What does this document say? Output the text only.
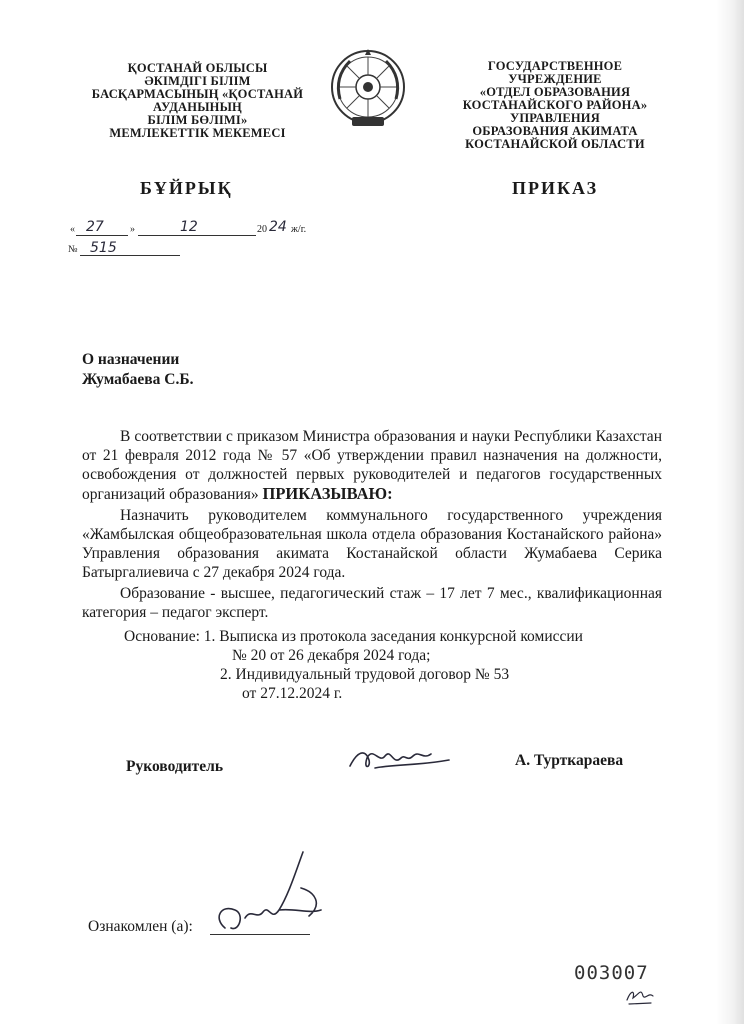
ҚОСТАНАЙ ОБЛЫСЫ
ӘКІМДІГІ БІЛІМ
БАСҚАРМАСЫНЫҢ «ҚОСТАНАЙ
АУДАНЫНЫҢ
БІЛІМ БӨЛІМІ»
МЕМЛЕКЕТТІК МЕКЕМЕСІ
ГОСУДАРСТВЕННОЕ УЧРЕЖДЕНИЕ
«ОТДЕЛ ОБРАЗОВАНИЯ
КОСТАНАЙСКОГО РАЙОНА»
УПРАВЛЕНИЯ
ОБРАЗОВАНИЯ АКИМАТА
КОСТАНАЙСКОЙ ОБЛАСТИ
БҰЙРЫҚ	ПРИКАЗ
« 27	»	12	20 24 ж/г.
№ 515
О назначении
Жумабаева С.Б.

В соответствии с приказом Министра образования и науки Республики Казахстан от 21 февраля 2012 года № 57 «Об утверждении правил назначения на должности, освобождения от должностей первых руководителей и педагогов государственных организаций образования» ПРИКАЗЫВАЮ:

Назначить руководителем коммунального государственного учреждения «Жамбылская общеобразовательная школа отдела образования Костанайского района» Управления образования акимата Костанайской области Жумабаева Серика Батыргалиевича с 27 декабря 2024 года.

Образование - высшее, педагогический стаж – 17 лет 7 мес., квалификационная категория – педагог эксперт.

Основание: 1. Выписка из протокола заседания конкурсной комиссии
№ 20 от 26 декабря 2024 года;
2. Индивидуальный трудовой договор № 53
от 27.12.2024 г.
Руководитель	А. Турткараева
Ознакомлен (а):
003007
